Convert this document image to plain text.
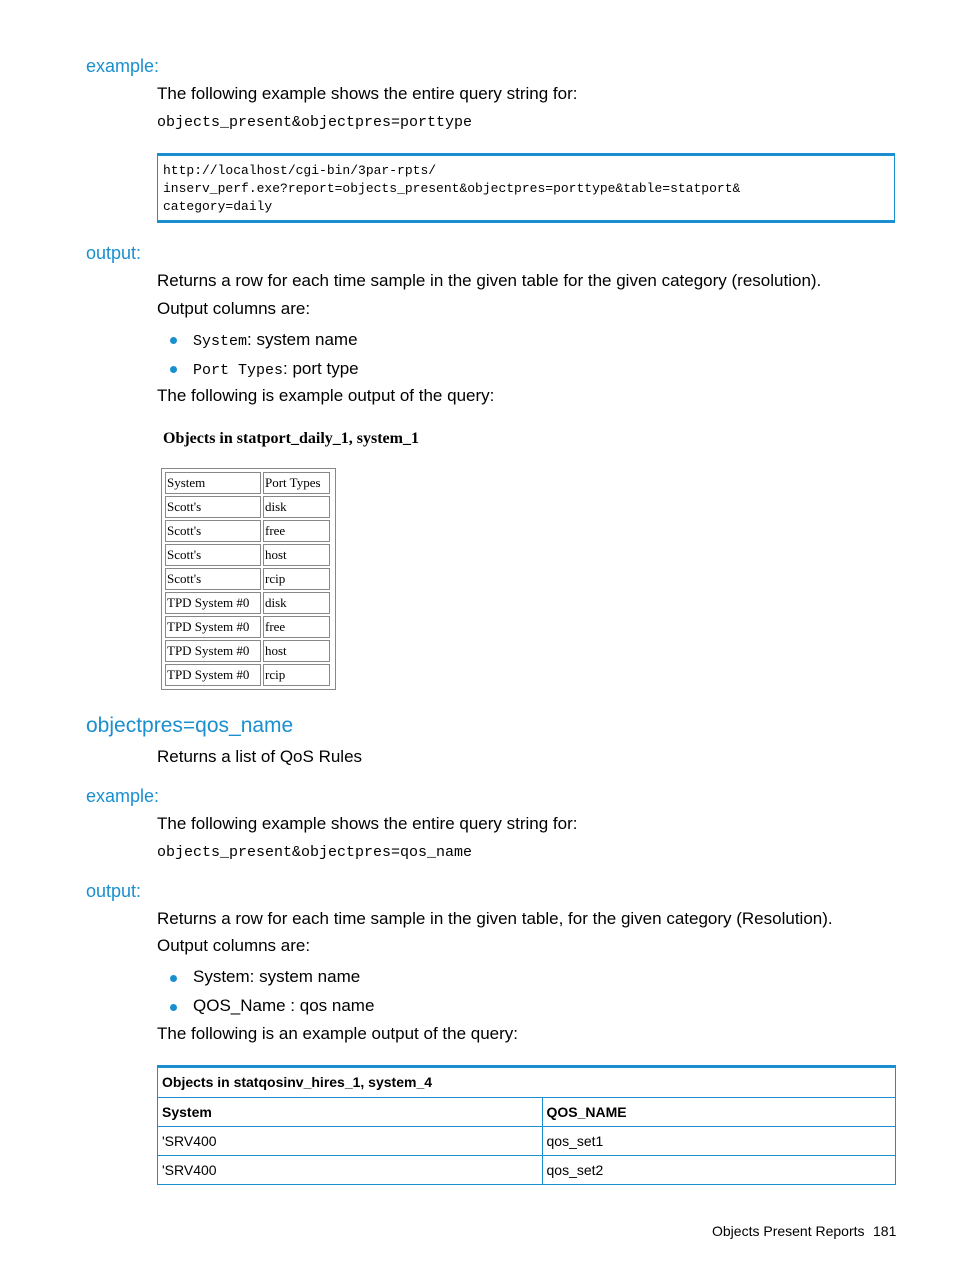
example:
The following example shows the entire query string for:
objects_present&objectpres=porttype
http://localhost/cgi-bin/3par-rpts/
inserv_perf.exe?report=objects_present&objectpres=porttype&table=statport&
category=daily
output:
Returns a row for each time sample in the given table for the given category (resolution).
Output columns are:
System: system name
Port Types: port type
The following is example output of the query:
Objects in statport_daily_1, system_1
System	Port Types
Scott's	disk
Scott's	free
Scott's	host
Scott's	rcip
TPD System #0	disk
TPD System #0	free
TPD System #0	host
TPD System #0	rcip
objectpres=qos_name
Returns a list of QoS Rules
example:
The following example shows the entire query string for:
objects_present&objectpres=qos_name
output:
Returns a row for each time sample in the given table, for the given category (Resolution).
Output columns are:
System: system name
QOS_Name : qos name
The following is an example output of the query:
Objects in statqosinv_hires_1, system_4	
System	QOS_NAME
'SRV400	qos_set1
'SRV400	qos_set2
Objects Present Reports 181
